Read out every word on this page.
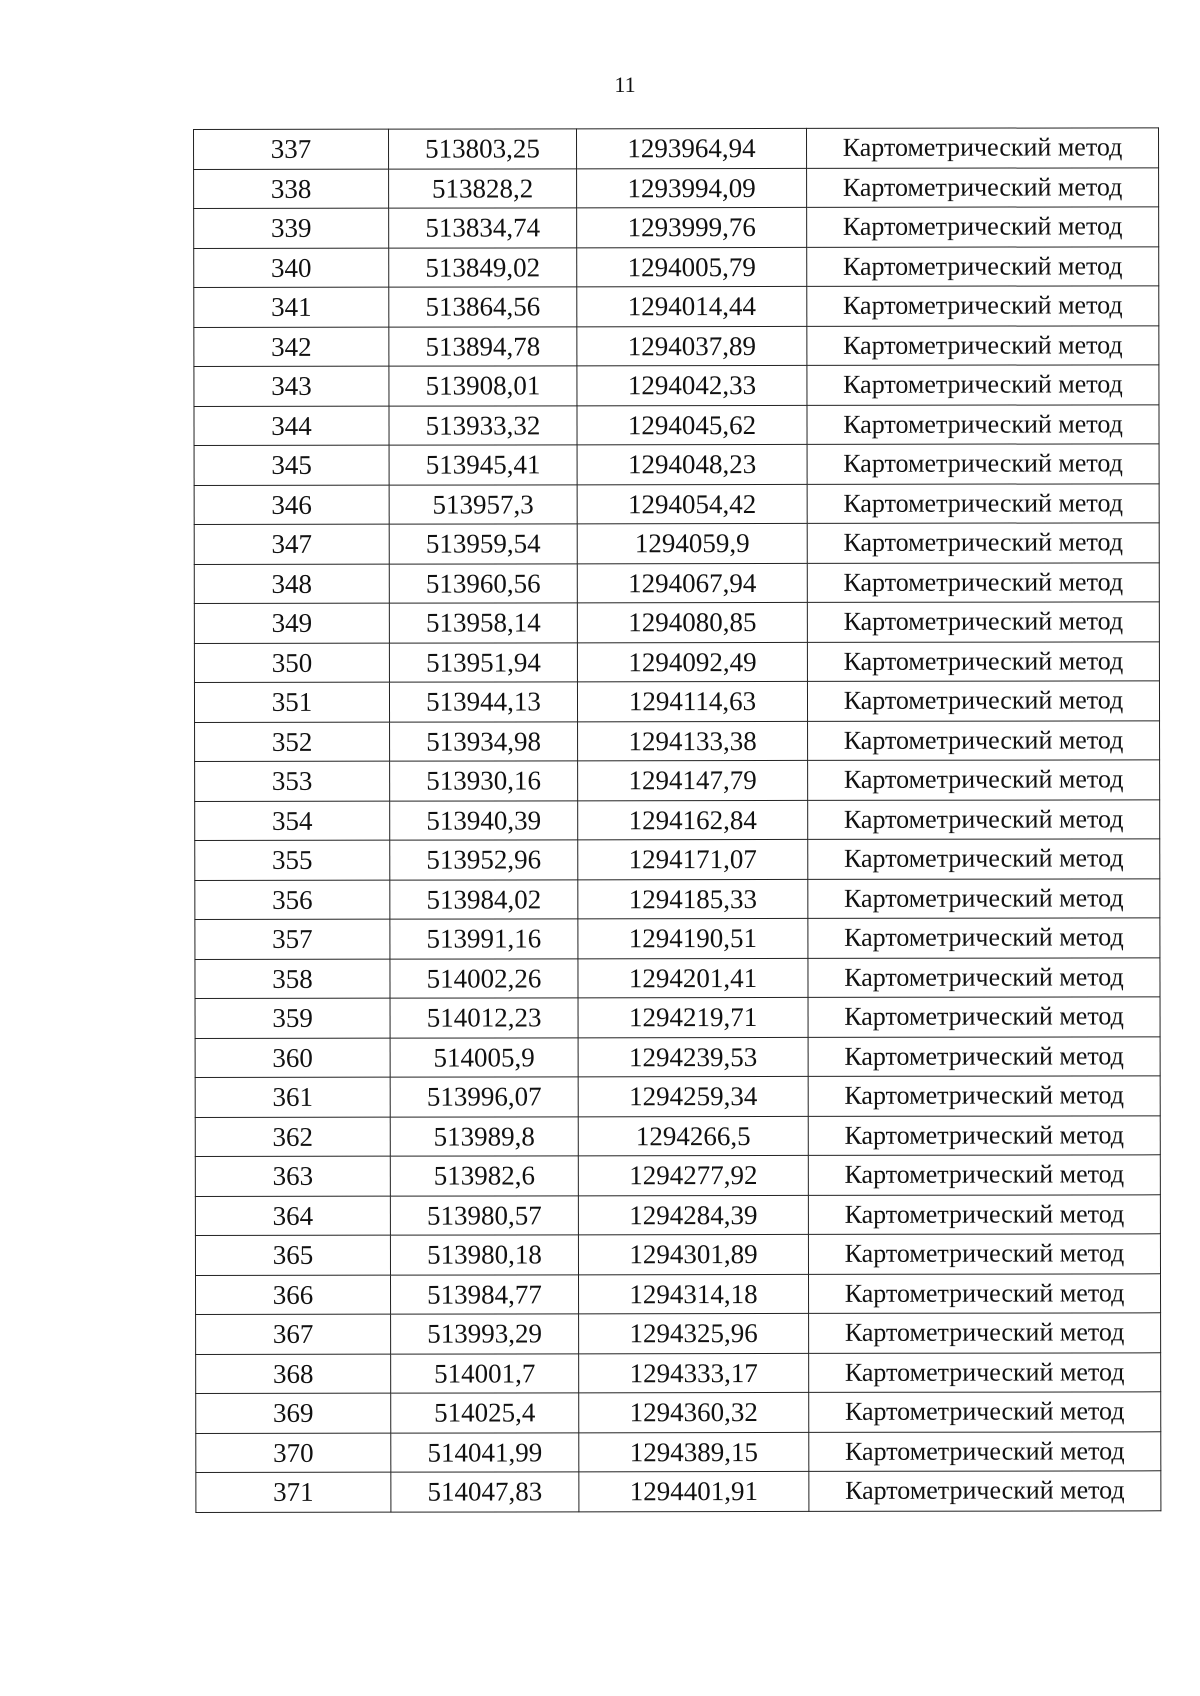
11
337	513803,25	1293964,94	Картометрический метод
338	513828,2	1293994,09	Картометрический метод
339	513834,74	1293999,76	Картометрический метод
340	513849,02	1294005,79	Картометрический метод
341	513864,56	1294014,44	Картометрический метод
342	513894,78	1294037,89	Картометрический метод
343	513908,01	1294042,33	Картометрический метод
344	513933,32	1294045,62	Картометрический метод
345	513945,41	1294048,23	Картометрический метод
346	513957,3	1294054,42	Картометрический метод
347	513959,54	1294059,9	Картометрический метод
348	513960,56	1294067,94	Картометрический метод
349	513958,14	1294080,85	Картометрический метод
350	513951,94	1294092,49	Картометрический метод
351	513944,13	1294114,63	Картометрический метод
352	513934,98	1294133,38	Картометрический метод
353	513930,16	1294147,79	Картометрический метод
354	513940,39	1294162,84	Картометрический метод
355	513952,96	1294171,07	Картометрический метод
356	513984,02	1294185,33	Картометрический метод
357	513991,16	1294190,51	Картометрический метод
358	514002,26	1294201,41	Картометрический метод
359	514012,23	1294219,71	Картометрический метод
360	514005,9	1294239,53	Картометрический метод
361	513996,07	1294259,34	Картометрический метод
362	513989,8	1294266,5	Картометрический метод
363	513982,6	1294277,92	Картометрический метод
364	513980,57	1294284,39	Картометрический метод
365	513980,18	1294301,89	Картометрический метод
366	513984,77	1294314,18	Картометрический метод
367	513993,29	1294325,96	Картометрический метод
368	514001,7	1294333,17	Картометрический метод
369	514025,4	1294360,32	Картометрический метод
370	514041,99	1294389,15	Картометрический метод
371	514047,83	1294401,91	Картометрический метод
